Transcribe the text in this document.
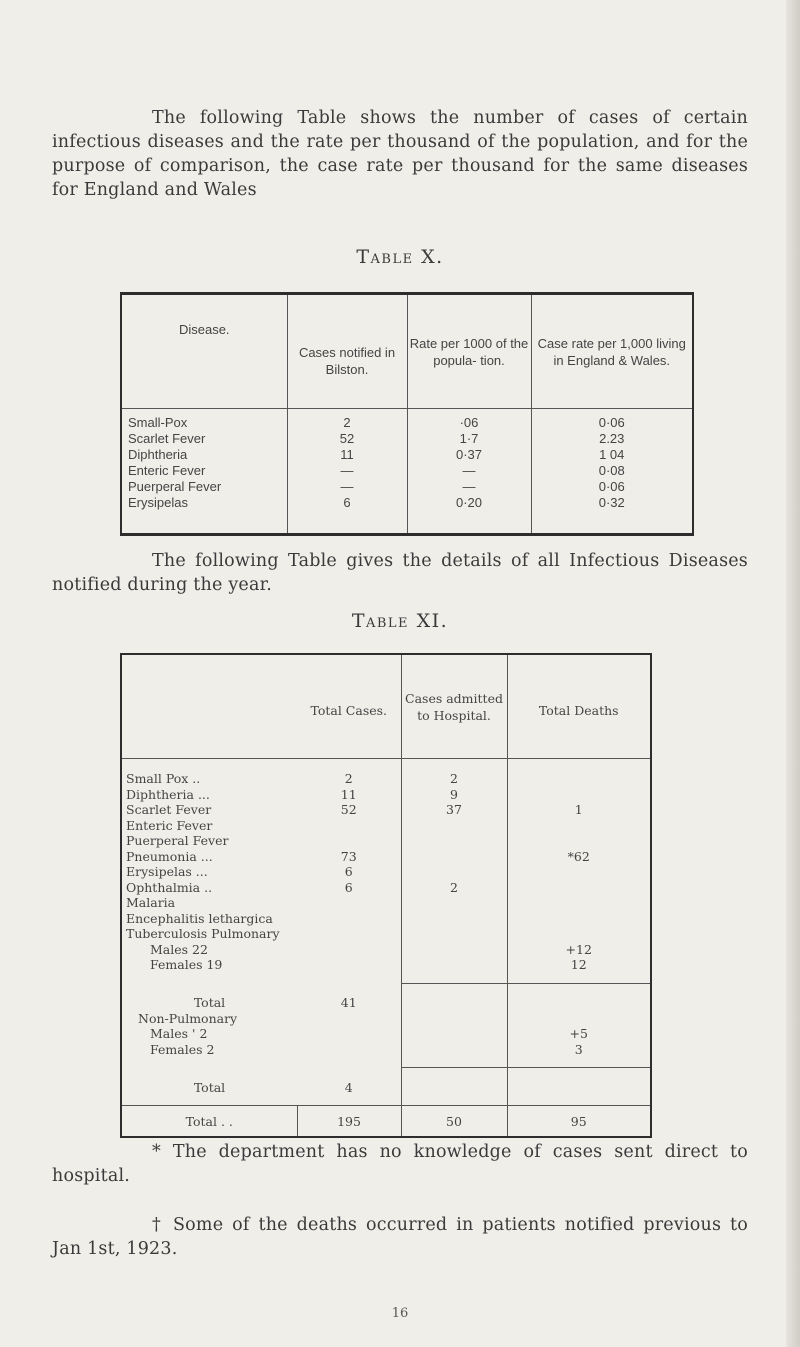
The following Table shows the number of cases of certain infectious diseases and the rate per thousand of the population, and for the purpose of comparison, the case rate per thousand for the same diseases for England and Wales

Table X.
Disease.	Cases notified in Bilston.	Rate per 1000 of the popula- tion.	Case rate per 1,000 living in England & Wales.
Small-Pox	2	·06	0·06
Scarlet Fever	52	1·7	2.23
Diphtheria	11	0·37	1 04
Enteric Fever	—	—	0·08
Puerperal Fever	—	—	0·06
Erysipelas	6	0·20	0·32

The following Table gives the details of all Infectious Diseases notified during the year.

Table XI.
	Total Cases.	Cases admitted to Hospital.	Total Deaths
Small Pox ..	2	2	
Diphtheria ...	11	9	
Scarlet Fever	52	37	1
Enteric Fever			
Puerperal Fever			
Pneumonia ...	73		*62
Erysipelas ...	6		
Ophthalmia ..	6	2	
Malaria			
Encephalitis lethargica			
Tuberculosis Pulmonary			
Males 22			+12
Females 19			12
Total	41		
Non-Pulmonary			
Males ' 2			+5
Females 2			3
Total	4		
Total . .	195	50	95

* The department has no knowledge of cases sent direct to hospital.

† Some of the deaths occurred in patients notified previous to Jan 1st, 1923.

16
